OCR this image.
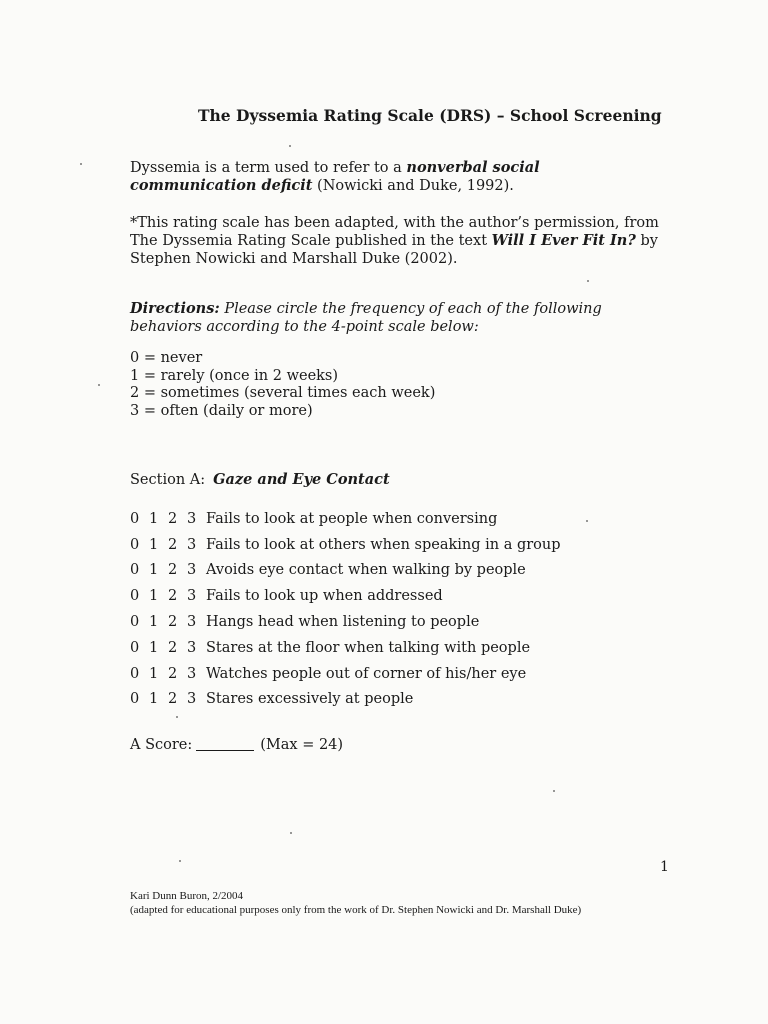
The Dyssemia Rating Scale (DRS) – School Screening

Dyssemia is a term used to refer to a nonverbal social communication deficit (Nowicki and Duke, 1992).

*This rating scale has been adapted, with the author’s permission, from The Dyssemia Rating Scale published in the text Will I Ever Fit In? by Stephen Nowicki and Marshall Duke (2002).

Directions: Please circle the frequency of each of the following behaviors according to the 4-point scale below:

0 = never
1 = rarely (once in 2 weeks)
2 = sometimes (several times each week)
3 = often (daily or more)

Section A: Gaze and Eye Contact

0 1 2 3 Fails to look at people when conversing
0 1 2 3 Fails to look at others when speaking in a group
0 1 2 3 Avoids eye contact when walking by people
0 1 2 3 Fails to look up when addressed
0 1 2 3 Hangs head when listening to people
0 1 2 3 Stares at the floor when talking with people
0 1 2 3 Watches people out of corner of his/her eye
0 1 2 3 Stares excessively at people
A Score:	(Max = 24)
1
Kari Dunn Buron, 2/2004
(adapted for educational purposes only from the work of Dr. Stephen Nowicki and Dr. Marshall Duke)
